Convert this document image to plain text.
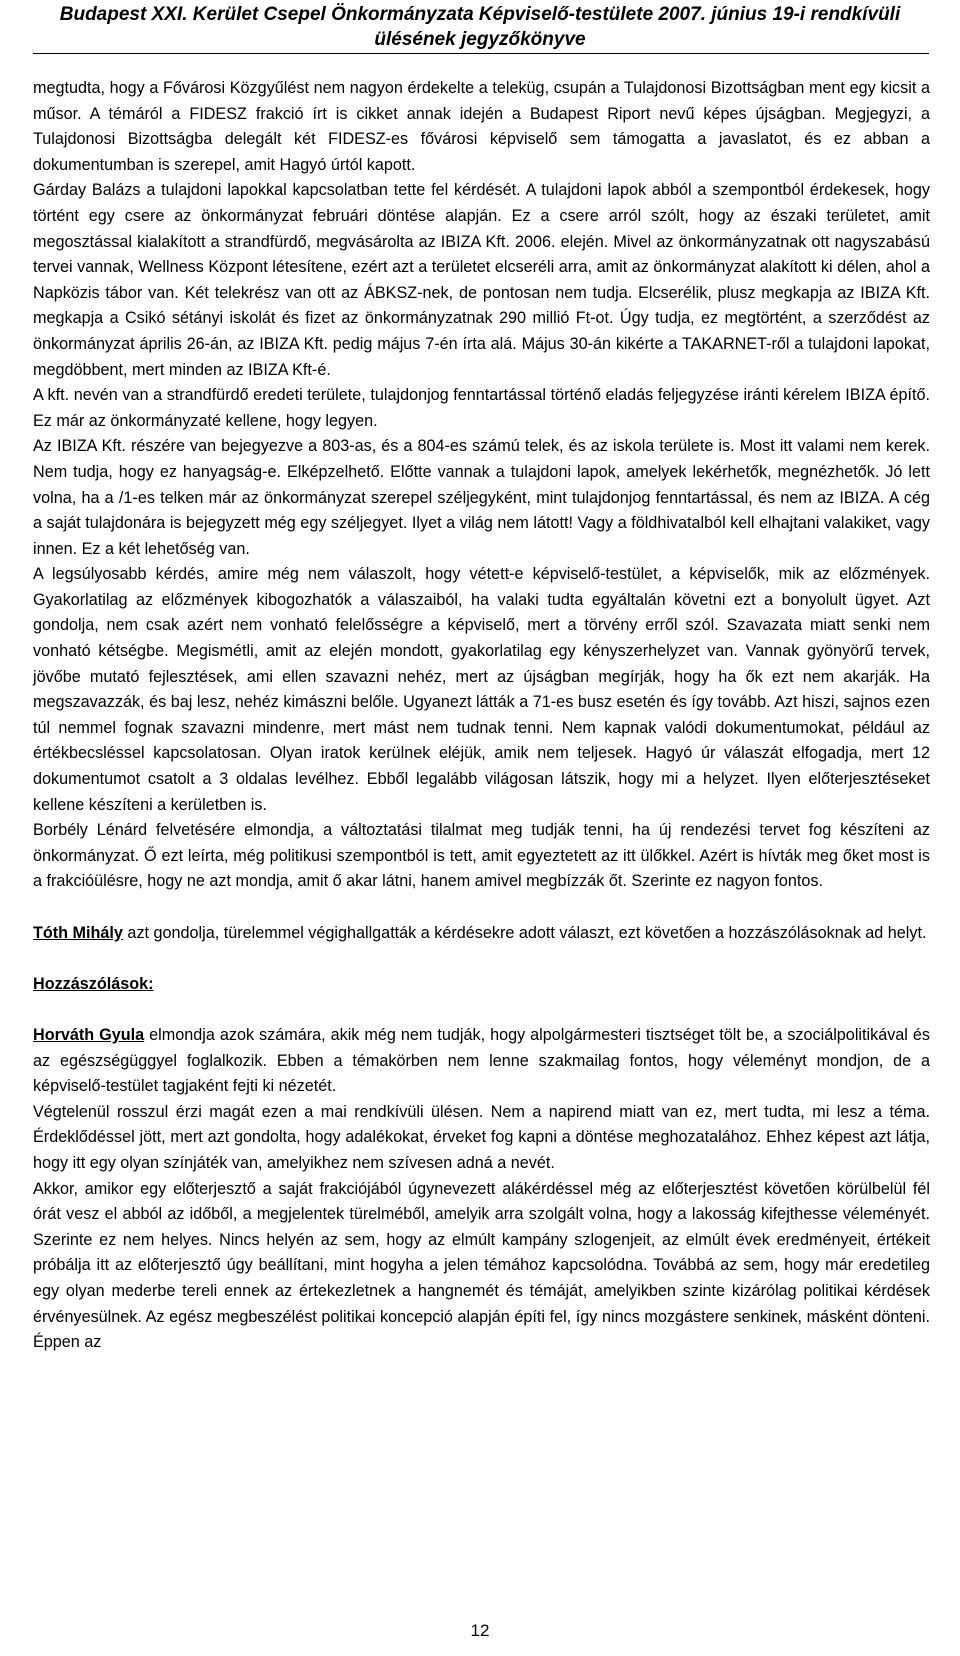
Budapest XXI. Kerület Csepel Önkormányzata Képviselő-testülete 2007. június 19-i rendkívüli
ülésének jegyzőkönyve

megtudta, hogy a Fővárosi Közgyűlést nem nagyon érdekelte a teleküg, csupán a Tulajdonosi Bizottságban ment egy kicsit a műsor. A témáról a FIDESZ frakció írt is cikket annak idején a Budapest Riport nevű képes újságban. Megjegyzi, a Tulajdonosi Bizottságba delegált két FIDESZ-es fővárosi képviselő sem támogatta a javaslatot, és ez abban a dokumentumban is szerepel, amit Hagyó úrtól kapott.

Gárday Balázs a tulajdoni lapokkal kapcsolatban tette fel kérdését. A tulajdoni lapok abból a szempontból érdekesek, hogy történt egy csere az önkormányzat februári döntése alapján. Ez a csere arról szólt, hogy az északi területet, amit megosztással kialakított a strandfürdő, megvásárolta az IBIZA Kft. 2006. elején. Mivel az önkormányzatnak ott nagyszabású tervei vannak, Wellness Központ létesítene, ezért azt a területet elcseréli arra, amit az önkormányzat alakított ki délen, ahol a Napközis tábor van. Két telekrész van ott az ÁBKSZ-nek, de pontosan nem tudja. Elcserélik, plusz megkapja az IBIZA Kft. megkapja a Csikó sétányi iskolát és fizet az önkormányzatnak 290 millió Ft-ot. Úgy tudja, ez megtörtént, a szerződést az önkormányzat április 26-án, az IBIZA Kft. pedig május 7-én írta alá. Május 30-án kikérte a TAKARNET-ről a tulajdoni lapokat, megdöbbent, mert minden az IBIZA Kft-é.

A kft. nevén van a strandfürdő eredeti területe, tulajdonjog fenntartással történő eladás feljegyzése iránti kérelem IBIZA építő. Ez már az önkormányzaté kellene, hogy legyen.

Az IBIZA Kft. részére van bejegyezve a 803-as, és a 804-es számú telek, és az iskola területe is. Most itt valami nem kerek. Nem tudja, hogy ez hanyagság-e. Elképzelhető. Előtte vannak a tulajdoni lapok, amelyek lekérhetők, megnézhetők. Jó lett volna, ha a /1-es telken már az önkormányzat szerepel széljegyként, mint tulajdonjog fenntartással, és nem az IBIZA. A cég a saját tulajdonára is bejegyzett még egy széljegyet. Ilyet a világ nem látott! Vagy a földhivatalból kell elhajtani valakiket, vagy innen. Ez a két lehetőség van.

A legsúlyosabb kérdés, amire még nem válaszolt, hogy vétett-e képviselő-testület, a képviselők, mik az előzmények. Gyakorlatilag az előzmények kibogozhatók a válaszaiból, ha valaki tudta egyáltalán követni ezt a bonyolult ügyet. Azt gondolja, nem csak azért nem vonható felelősségre a képviselő, mert a törvény erről szól. Szavazata miatt senki nem vonható kétségbe. Megismétli, amit az elején mondott, gyakorlatilag egy kényszerhelyzet van. Vannak gyönyörű tervek, jövőbe mutató fejlesztések, ami ellen szavazni nehéz, mert az újságban megírják, hogy ha ők ezt nem akarják. Ha megszavazzák, és baj lesz, nehéz kimászni belőle. Ugyanezt látták a 71-es busz esetén és így tovább. Azt hiszi, sajnos ezen túl nemmel fognak szavazni mindenre, mert mást nem tudnak tenni. Nem kapnak valódi dokumentumokat, például az értékbecsléssel kapcsolatosan. Olyan iratok kerülnek eléjük, amik nem teljesek. Hagyó úr válaszát elfogadja, mert 12 dokumentumot csatolt a 3 oldalas levélhez. Ebből legalább világosan látszik, hogy mi a helyzet. Ilyen előterjesztéseket kellene készíteni a kerületben is.

Borbély Lénárd felvetésére elmondja, a változtatási tilalmat meg tudják tenni, ha új rendezési tervet fog készíteni az önkormányzat. Ő ezt leírta, még politikusi szempontból is tett, amit egyeztetett az itt ülőkkel. Azért is hívták meg őket most is a frakcióülésre, hogy ne azt mondja, amit ő akar látni, hanem amivel megbízzák őt. Szerinte ez nagyon fontos.

Tóth Mihály azt gondolja, türelemmel végighallgatták a kérdésekre adott választ, ezt követően a hozzászólásoknak ad helyt.

Hozzászólások:

Horváth Gyula elmondja azok számára, akik még nem tudják, hogy alpolgármesteri tisztséget tölt be, a szociálpolitikával és az egészségüggyel foglalkozik. Ebben a témakörben nem lenne szakmailag fontos, hogy véleményt mondjon, de a képviselő-testület tagjaként fejti ki nézetét.

Végtelenül rosszul érzi magát ezen a mai rendkívüli ülésen. Nem a napirend miatt van ez, mert tudta, mi lesz a téma. Érdeklődéssel jött, mert azt gondolta, hogy adalékokat, érveket fog kapni a döntése meghozatalához. Ehhez képest azt látja, hogy itt egy olyan színjáték van, amelyikhez nem szívesen adná a nevét.

Akkor, amikor egy előterjesztő a saját frakciójából úgynevezett alákérdéssel még az előterjesztést követően körülbelül fél órát vesz el abból az időből, a megjelentek türelméből, amelyik arra szolgált volna, hogy a lakosság kifejthesse véleményét. Szerinte ez nem helyes. Nincs helyén az sem, hogy az elmúlt kampány szlogenjeit, az elmúlt évek eredményeit, értékeit próbálja itt az előterjesztő úgy beállítani, mint hogyha a jelen témához kapcsolódna. Továbbá az sem, hogy már eredetileg egy olyan mederbe tereli ennek az értekezletnek a hangnemét és témáját, amelyikben szinte kizárólag politikai kérdések érvényesülnek. Az egész megbeszélést politikai koncepció alapján építi fel, így nincs mozgástere senkinek, másként dönteni. Éppen az

12
